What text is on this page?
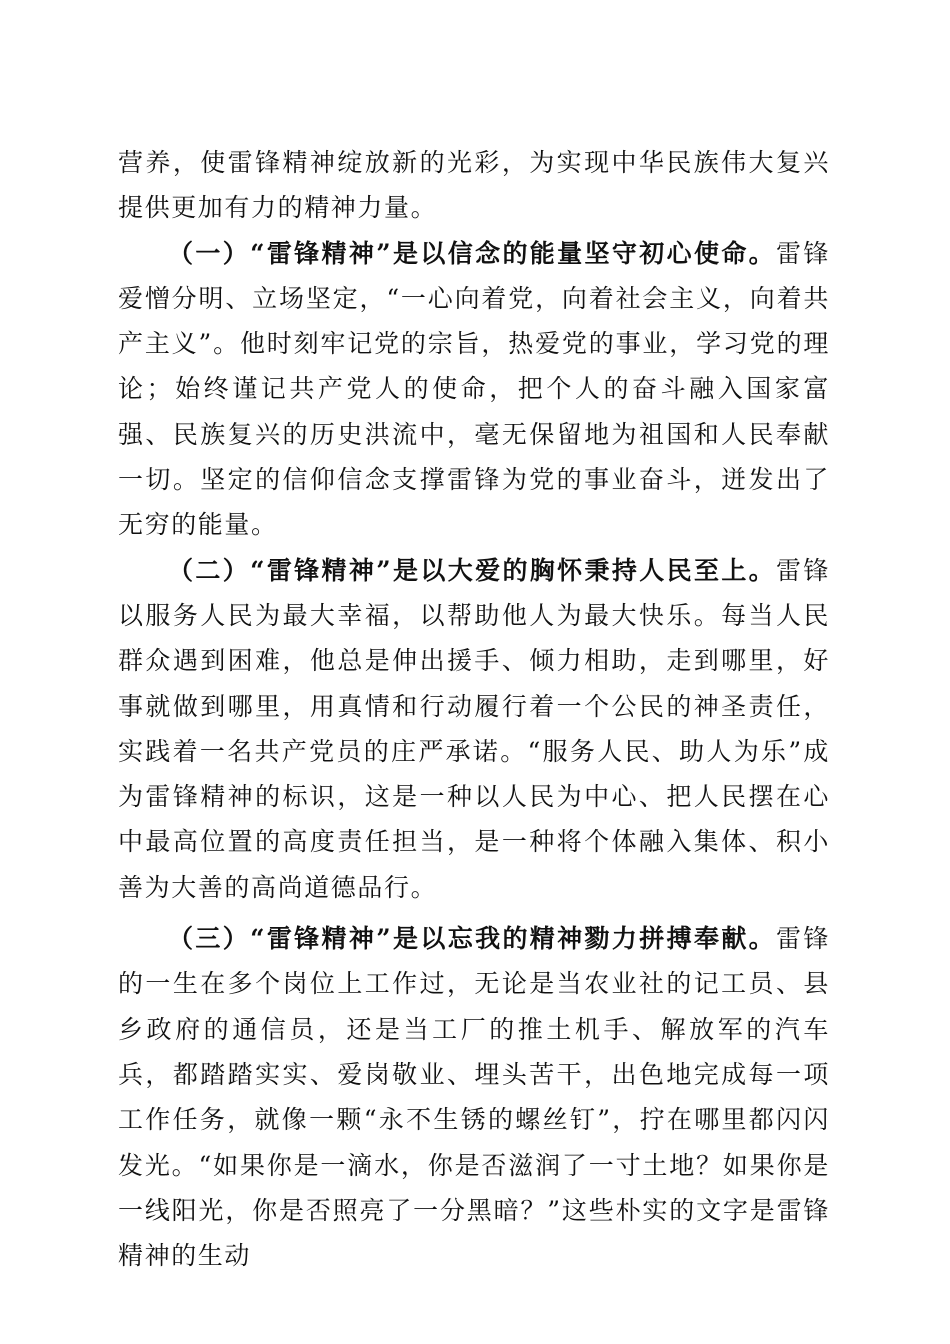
营养，使雷锋精神绽放新的光彩，为实现中华民族伟大复兴提供更加有力的精神力量。

（一）“雷锋精神”是以信念的能量坚守初心使命。雷锋爱憎分明、立场坚定，“一心向着党，向着社会主义，向着共产主义”。他时刻牢记党的宗旨，热爱党的事业，学习党的理论；始终谨记共产党人的使命，把个人的奋斗融入国家富强、民族复兴的历史洪流中，毫无保留地为祖国和人民奉献一切。坚定的信仰信念支撑雷锋为党的事业奋斗，迸发出了无穷的能量。

（二）“雷锋精神”是以大爱的胸怀秉持人民至上。雷锋以服务人民为最大幸福，以帮助他人为最大快乐。每当人民群众遇到困难，他总是伸出援手、倾力相助，走到哪里，好事就做到哪里，用真情和行动履行着一个公民的神圣责任，实践着一名共产党员的庄严承诺。“服务人民、助人为乐”成为雷锋精神的标识，这是一种以人民为中心、把人民摆在心中最高位置的高度责任担当，是一种将个体融入集体、积小善为大善的高尚道德品行。

（三）“雷锋精神”是以忘我的精神勠力拼搏奉献。雷锋的一生在多个岗位上工作过，无论是当农业社的记工员、县乡政府的通信员，还是当工厂的推土机手、解放军的汽车兵，都踏踏实实、爱岗敬业、埋头苦干，出色地完成每一项工作任务，就像一颗“永不生锈的螺丝钉”，拧在哪里都闪闪发光。“如果你是一滴水，你是否滋润了一寸土地？如果你是一线阳光，你是否照亮了一分黑暗？”这些朴实的文字是雷锋精神的生动
